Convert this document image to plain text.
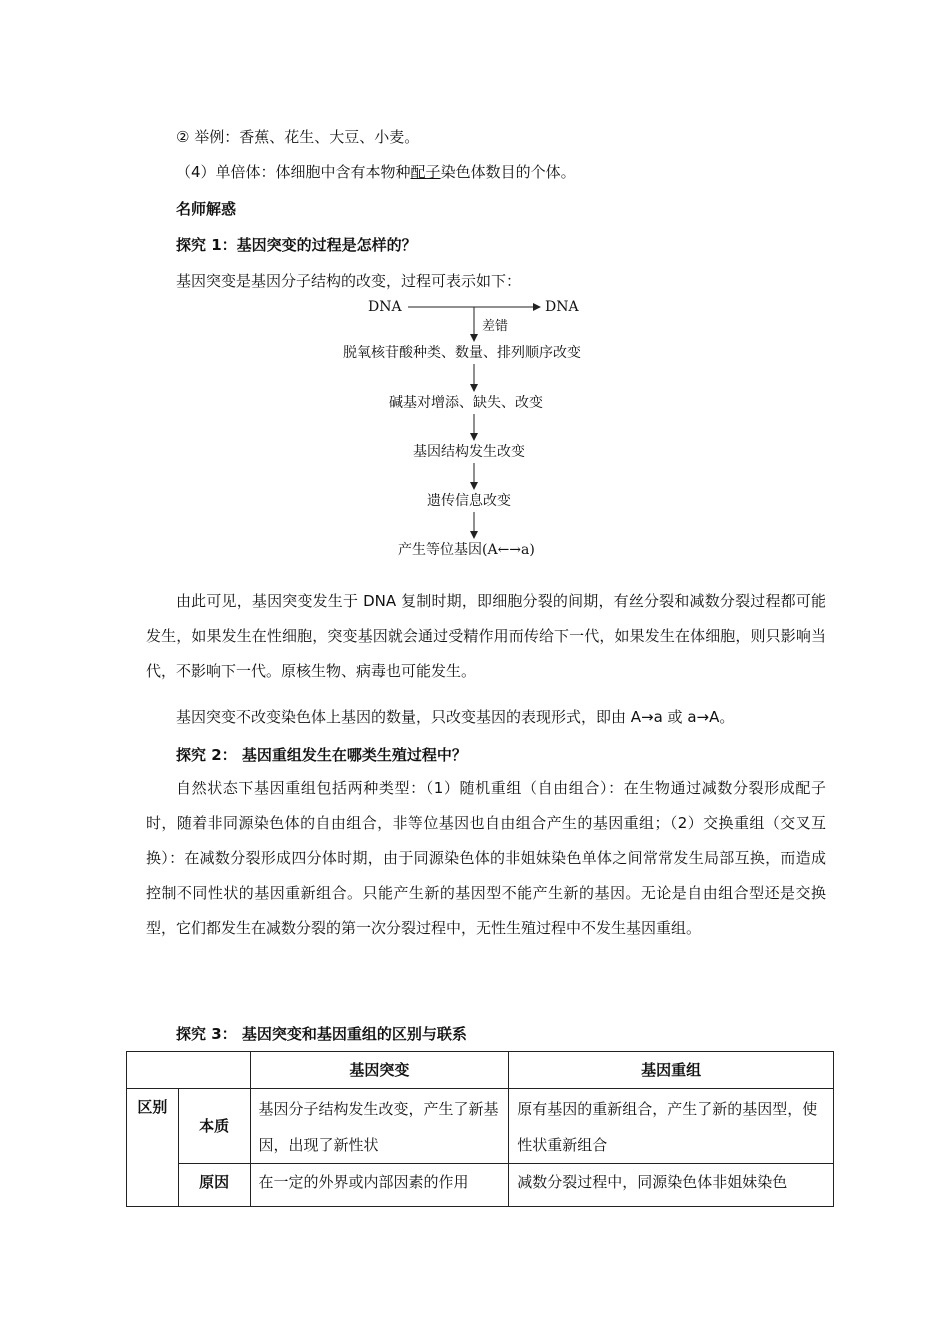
② 举例：香蕉、花生、大豆、小麦。
（4）单倍体：体细胞中含有本物种配子染色体数目的个体。
名师解惑
探究 1：基因突变的过程是怎样的？
基因突变是基因分子结构的改变，过程可表示如下：
DNA	DNA
差错
脱氧核苷酸种类、数量、排列顺序改变
碱基对增添、缺失、改变
基因结构发生改变
遗传信息改变
产生等位基因(A←→a)
由此可见，基因突变发生于 DNA 复制时期，即细胞分裂的间期，有丝分裂和减数分裂过程都可能发生，如果发生在性细胞，突变基因就会通过受精作用而传给下一代，如果发生在体细胞，则只影响当代，不影响下一代。原核生物、病毒也可能发生。
基因突变不改变染色体上基因的数量，只改变基因的表现形式，即由 A→a 或 a→A。
探究 2： 基因重组发生在哪类生殖过程中？
自然状态下基因重组包括两种类型：（1）随机重组（自由组合）：在生物通过减数分裂形成配子时，随着非同源染色体的自由组合，非等位基因也自由组合产生的基因重组；（2）交换重组（交叉互换）：在减数分裂形成四分体时期，由于同源染色体的非姐妹染色单体之间常常发生局部互换，而造成控制不同性状的基因重新组合。只能产生新的基因型不能产生新的基因。无论是自由组合型还是交换型，它们都发生在减数分裂的第一次分裂过程中，无性生殖过程中不发生基因重组。
探究 3： 基因突变和基因重组的区别与联系
		基因突变	基因重组
区别	本质	基因分子结构发生改变，产生了新基因，出现了新性状	原有基因的重新组合，产生了新的基因型，使性状重新组合
	原因	在一定的外界或内部因素的作用	减数分裂过程中，同源染色体非姐妹染色
